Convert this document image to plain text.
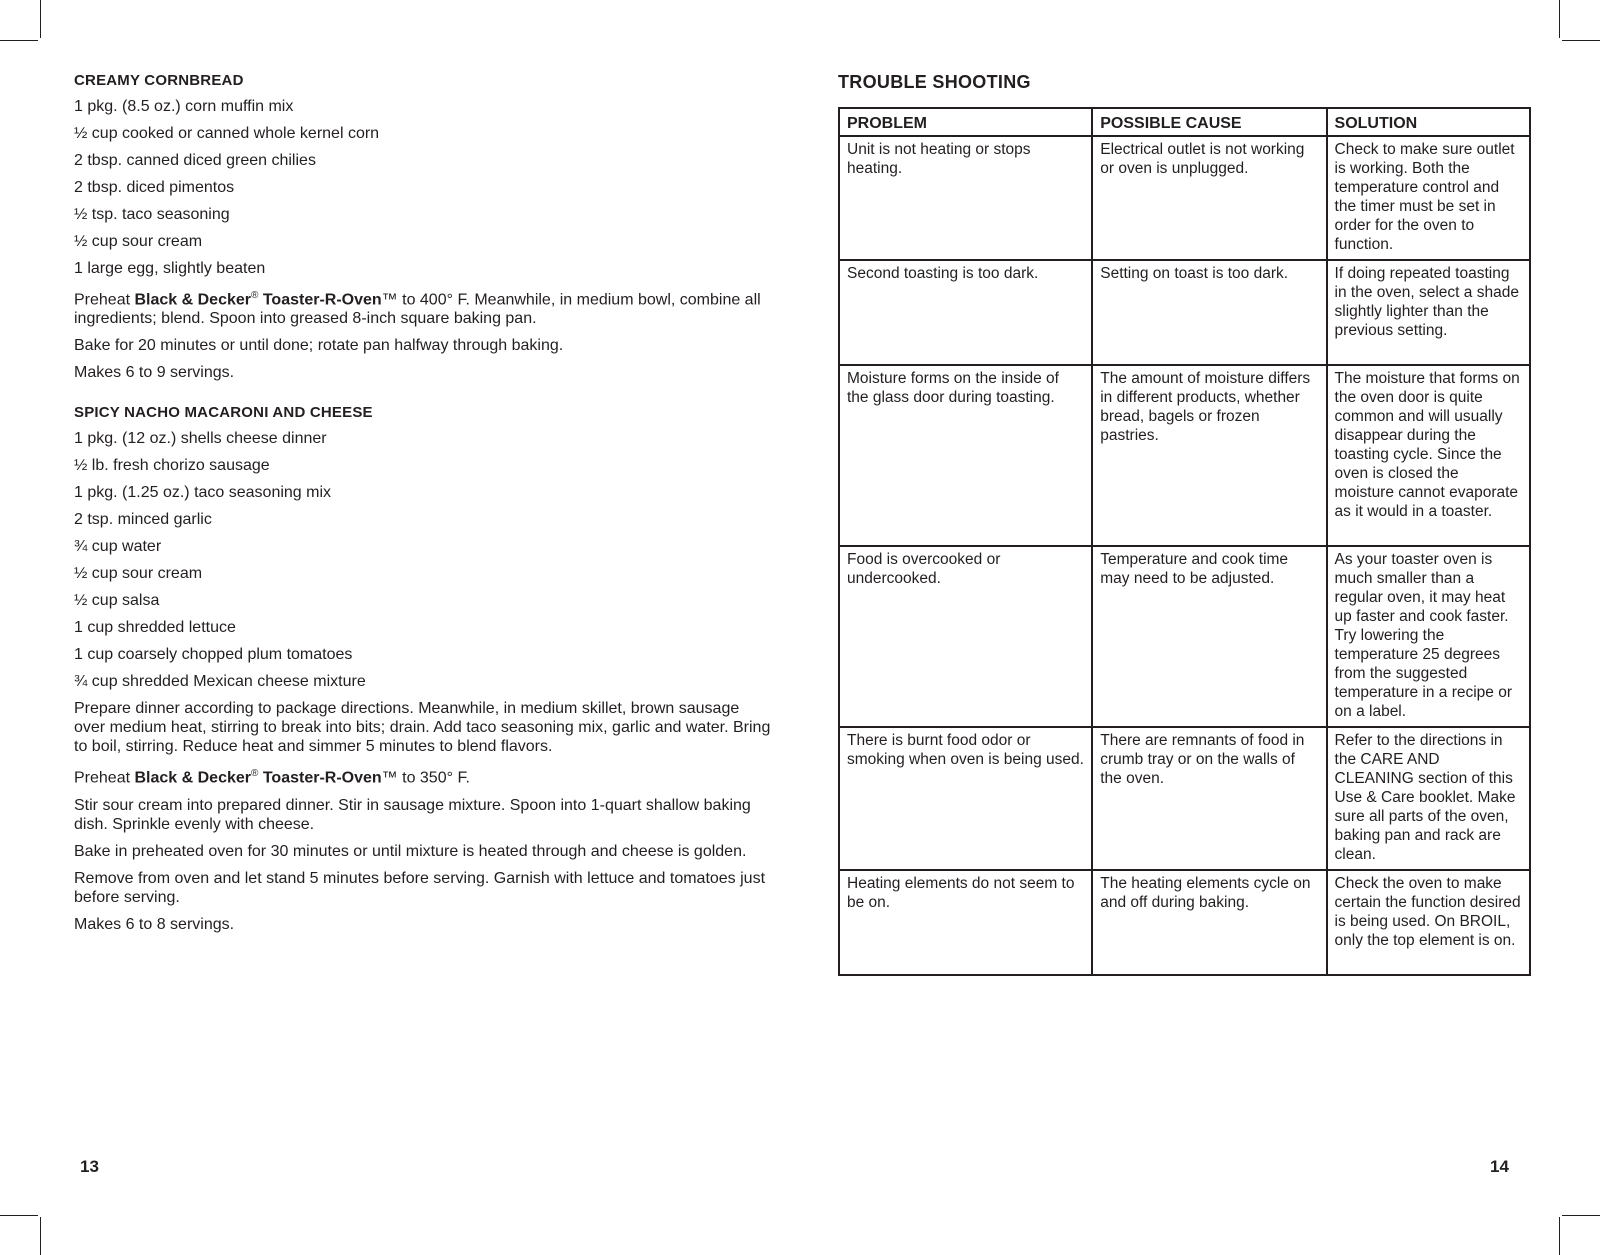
CREAMY CORNBREAD
1 pkg. (8.5 oz.) corn muffin mix
½ cup cooked or canned whole kernel corn
2 tbsp. canned diced green chilies
2 tbsp. diced pimentos
½ tsp. taco seasoning
½ cup sour cream
1 large egg, slightly beaten

Preheat Black & Decker® Toaster-R-Oven™ to 400° F. Meanwhile, in medium bowl, combine all ingredients; blend. Spoon into greased 8-inch square baking pan.

Bake for 20 minutes or until done; rotate pan halfway through baking.

Makes 6 to 9 servings.

SPICY NACHO MACARONI AND CHEESE
1 pkg. (12 oz.) shells cheese dinner
½ lb. fresh chorizo sausage
1 pkg. (1.25 oz.) taco seasoning mix
2 tsp. minced garlic
¾ cup water
½ cup sour cream
½ cup salsa
1 cup shredded lettuce
1 cup coarsely chopped plum tomatoes
¾ cup shredded Mexican cheese mixture

Prepare dinner according to package directions. Meanwhile, in medium skillet, brown sausage over medium heat, stirring to break into bits; drain. Add taco seasoning mix, garlic and water. Bring to boil, stirring. Reduce heat and simmer 5 minutes to blend flavors.

Preheat Black & Decker® Toaster-R-Oven™ to 350° F.

Stir sour cream into prepared dinner. Stir in sausage mixture. Spoon into 1-quart shallow baking dish. Sprinkle evenly with cheese.

Bake in preheated oven for 30 minutes or until mixture is heated through and cheese is golden.

Remove from oven and let stand 5 minutes before serving. Garnish with lettuce and tomatoes just before serving.

Makes 6 to 8 servings.

TROUBLE SHOOTING
PROBLEM	POSSIBLE CAUSE	SOLUTION
Unit is not heating or stops heating.	Electrical outlet is not working or oven is unplugged.	Check to make sure outlet is working. Both the temperature control and the timer must be set in order for the oven to function.
Second toasting is too dark.	Setting on toast is too dark.	If doing repeated toasting in the oven, select a shade slightly lighter than the previous setting.
Moisture forms on the inside of the glass door during toasting.	The amount of moisture differs in different products, whether bread, bagels or frozen pastries.	The moisture that forms on the oven door is quite common and will usually disappear during the toasting cycle. Since the oven is closed the moisture cannot evaporate as it would in a toaster.
Food is overcooked or undercooked.	Temperature and cook time may need to be adjusted.	As your toaster oven is much smaller than a regular oven, it may heat up faster and cook faster. Try lowering the temperature 25 degrees from the suggested temperature in a recipe or on a label.
There is burnt food odor or smoking when oven is being used.	There are remnants of food in crumb tray or on the walls of the oven.	Refer to the directions in the CARE AND CLEANING section of this Use & Care booklet. Make sure all parts of the oven, baking pan and rack are clean.
Heating elements do not seem to be on.	The heating elements cycle on and off during baking.	Check the oven to make certain the function desired is being used. On BROIL, only the top element is on.
13	14
